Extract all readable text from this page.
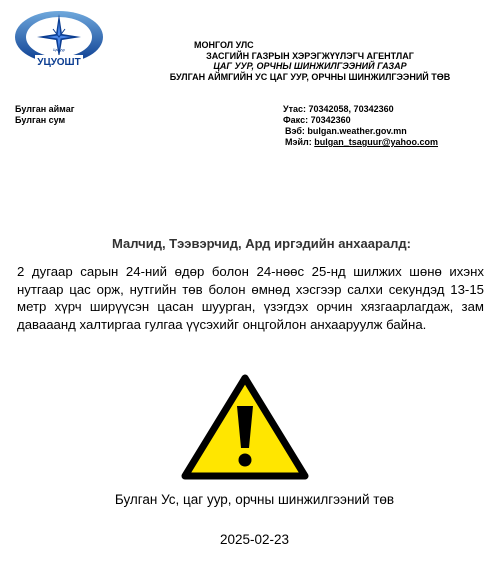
УЦУОШТ
Цаг уур	МОНГОЛ УЛС
ЗАСГИЙН ГАЗРЫН ХЭРЭГЖҮҮЛЭГЧ АГЕНТЛАГ
ЦАГ УУР, ОРЧНЫ ШИНЖИЛГЭЭНИЙ ГАЗАР
БУЛГАН АЙМГИЙН УС ЦАГ УУР, ОРЧНЫ ШИНЖИЛГЭЭНИЙ ТӨВ
Булган аймаг
Булган сум
Утас: 70342058, 70342360
Факс: 70342360
Вэб: bulgan.weather.gov.mn
Мэйл: bulgan_tsaguur@yahoo.com
Малчид, Тээвэрчид, Ард иргэдийн анхааралд:
2 дугаар сарын 24-ний өдөр болон 24-нөөс 25-нд шилжих шөнө ихэнх нутгаар цас орж, нутгийн төв болон өмнөд хэсгээр салхи секундэд 13-15 метр хүрч ширүүсэн цасан шуурган, үзэгдэх орчин хязгаарлагдаж, зам давааанд халтиргаа гулгаа үүсэхийг онцгойлон анхааруулж байна.
Булган Ус, цаг уур, орчны шинжилгээний төв
2025-02-23
